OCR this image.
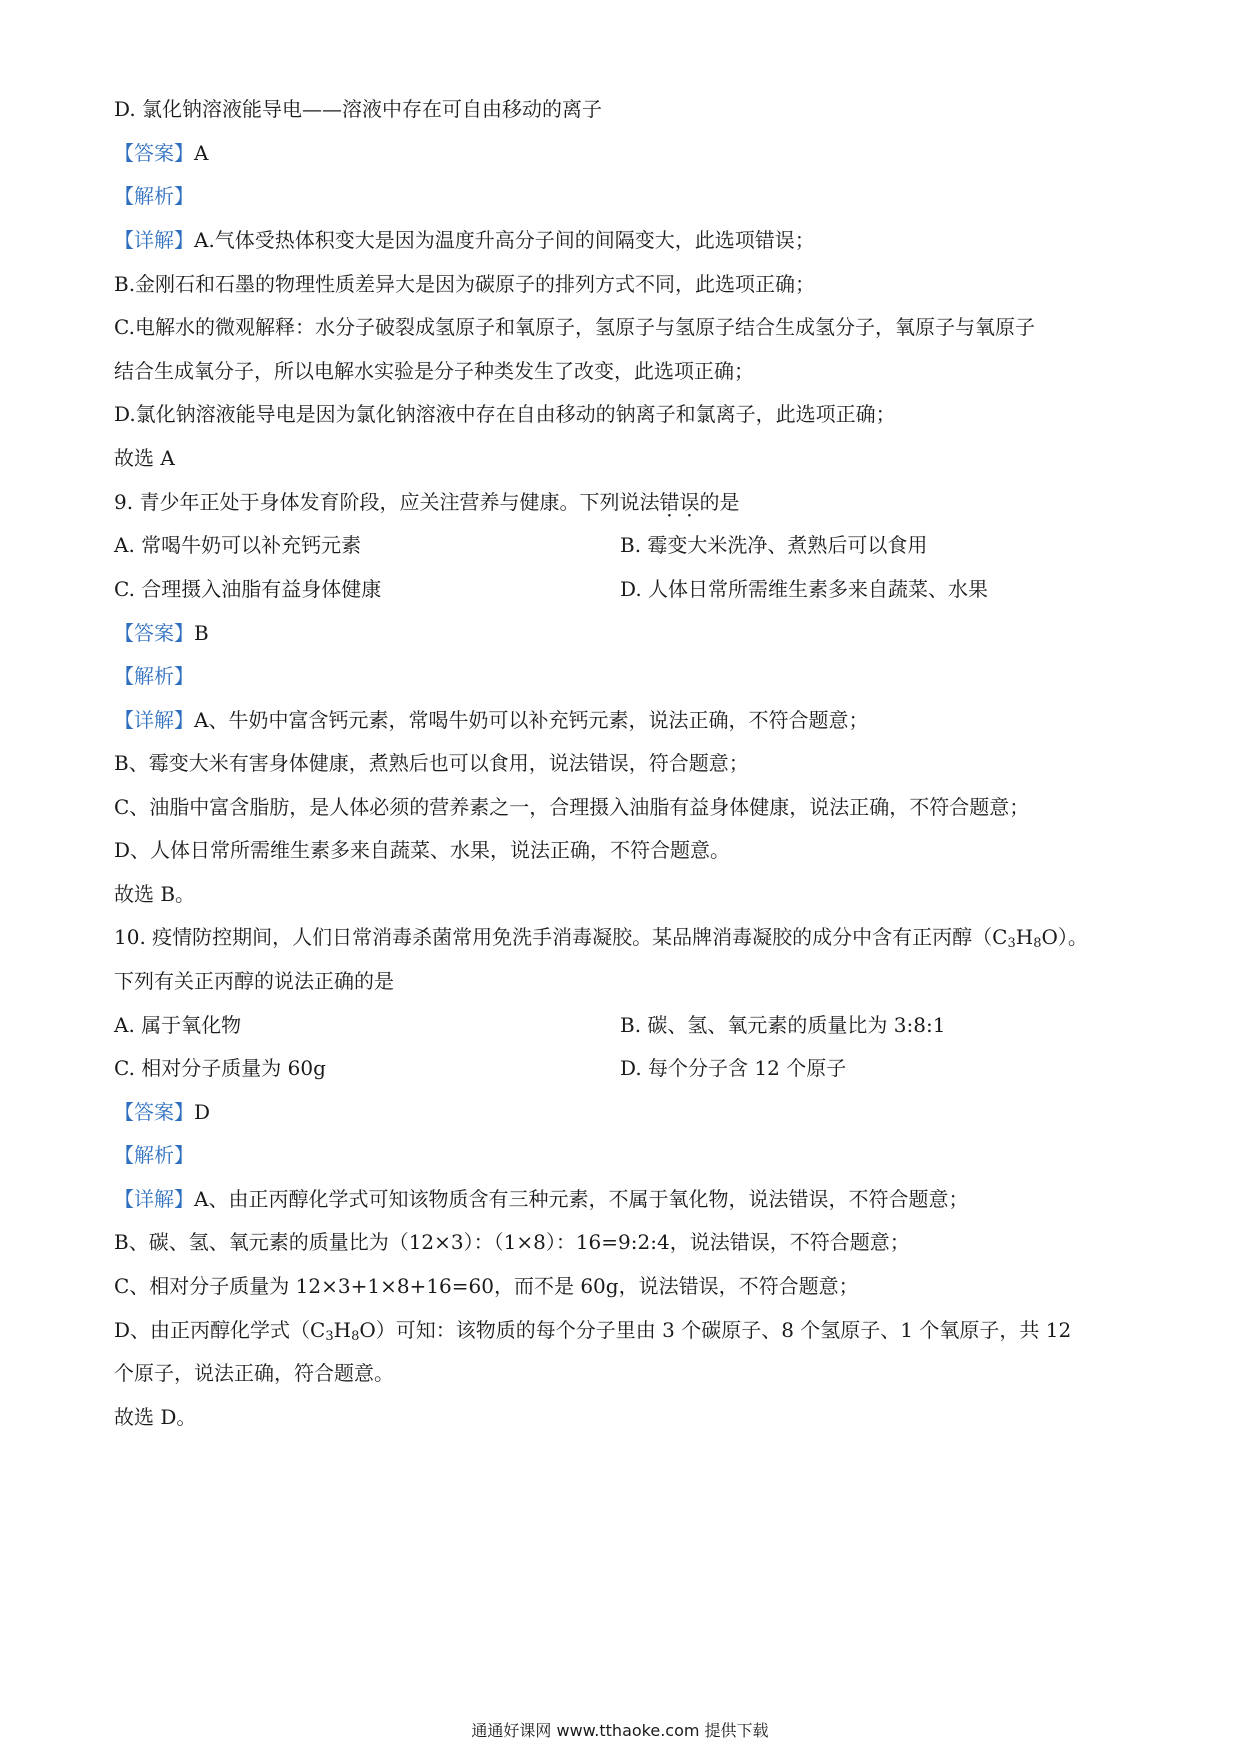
D. 氯化钠溶液能导电——溶液中存在可自由移动的离子
【答案】A
【解析】
【详解】A.气体受热体积变大是因为温度升高分子间的间隔变大，此选项错误；
B.金刚石和石墨的物理性质差异大是因为碳原子的排列方式不同，此选项正确；
C.电解水的微观解释：水分子破裂成氢原子和氧原子，氢原子与氢原子结合生成氢分子，氧原子与氧原子
结合生成氧分子，所以电解水实验是分子种类发生了改变，此选项正确；
D.氯化钠溶液能导电是因为氯化钠溶液中存在自由移动的钠离子和氯离子，此选项正确；
故选 A
9. 青少年正处于身体发育阶段，应关注营养与健康。下列说法错误的是
A. 常喝牛奶可以补充钙元素	B. 霉变大米洗净、煮熟后可以食用
C. 合理摄入油脂有益身体健康	D. 人体日常所需维生素多来自蔬菜、水果
【答案】B
【解析】
【详解】A、牛奶中富含钙元素，常喝牛奶可以补充钙元素，说法正确，不符合题意；
B、霉变大米有害身体健康，煮熟后也可以食用，说法错误，符合题意；
C、油脂中富含脂肪，是人体必须的营养素之一，合理摄入油脂有益身体健康，说法正确，不符合题意；
D、人体日常所需维生素多来自蔬菜、水果，说法正确，不符合题意。
故选 B。
10. 疫情防控期间，人们日常消毒杀菌常用免洗手消毒凝胶。某品牌消毒凝胶的成分中含有正丙醇$(C_3H_8O)$。
下列有关正丙醇的说法正确的是
A. 属于氧化物	B. 碳、氢、氧元素的质量比为 3:8:1
C. 相对分子质量为 60g	D. 每个分子含 12 个原子
【答案】D
【解析】
【详解】A、由正丙醇化学式可知该物质含有三种元素，不属于氧化物，说法错误，不符合题意；
B、碳、氢、氧元素的质量比为（12×3）：（1×8）：16=9:2:4，说法错误，不符合题意；
C、相对分子质量为 12×3+1×8+16=60，而不是 60g，说法错误，不符合题意；
D、由正丙醇化学式$(C_3H_8O)$可知：该物质的每个分子里由 3 个碳原子、8 个氢原子、1 个氧原子，共 12
个原子，说法正确，符合题意。
故选 D。
通通好课网 www.tthaoke.com 提供下载
